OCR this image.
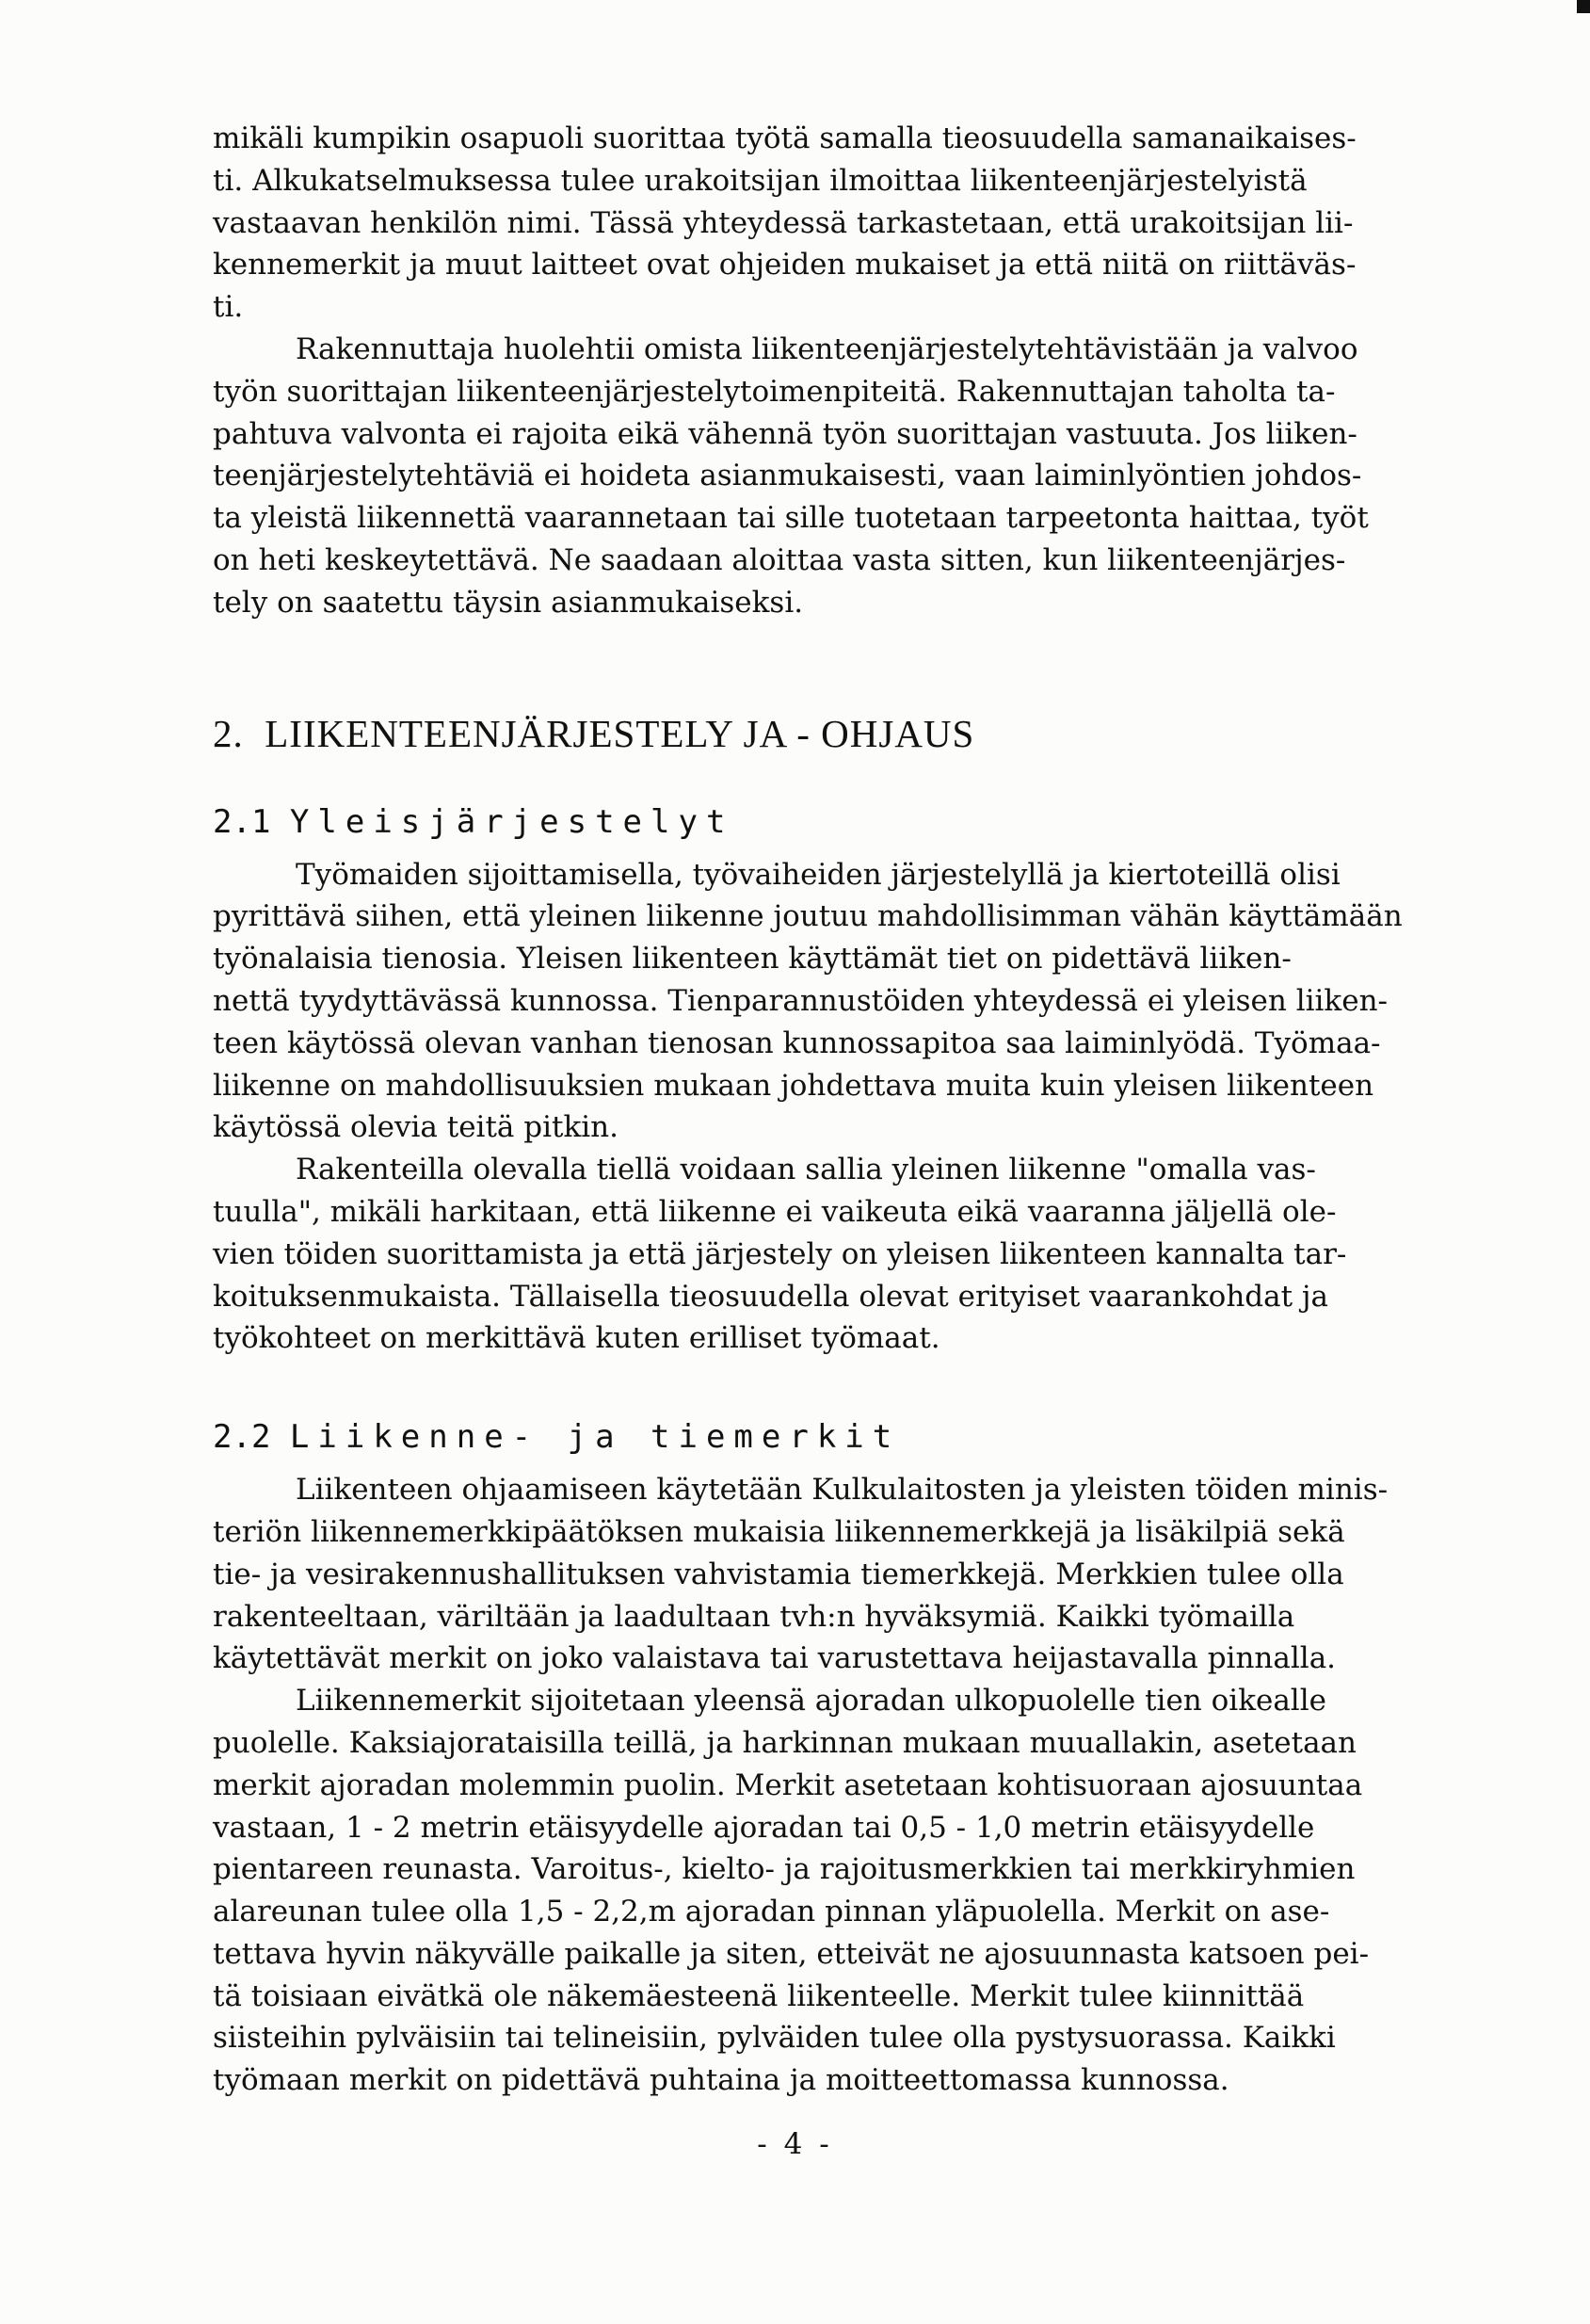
mikäli kumpikin osapuoli suorittaa työtä samalla tieosuudella samanaikaises-
ti. Alkukatselmuksessa tulee urakoitsijan ilmoittaa liikenteenjärjestelyistä
vastaavan henkilön nimi. Tässä yhteydessä tarkastetaan, että urakoitsijan lii-
kennemerkit ja muut laitteet ovat ohjeiden mukaiset ja että niitä on riittäväs-
ti.

Rakennuttaja huolehtii omista liikenteenjärjestelytehtävistään ja valvoo
työn suorittajan liikenteenjärjestelytoimenpiteitä. Rakennuttajan taholta ta-
pahtuva valvonta ei rajoita eikä vähennä työn suorittajan vastuuta. Jos liiken-
teenjärjestelytehtäviä ei hoideta asianmukaisesti, vaan laiminlyöntien johdos-
ta yleistä liikennettä vaarannetaan tai sille tuotetaan tarpeetonta haittaa, työt
on heti keskeytettävä. Ne saadaan aloittaa vasta sitten, kun liikenteenjärjes-
tely on saatettu täysin asianmukaiseksi.

2. LIIKENTEENJÄRJESTELY JA - OHJAUS
2.1 Yleisjärjestelyt

Työmaiden sijoittamisella, työvaiheiden järjestelyllä ja kiertoteillä olisi
pyrittävä siihen, että yleinen liikenne joutuu mahdollisimman vähän käyttämään
työnalaisia tienosia. Yleisen liikenteen käyttämät tiet on pidettävä liiken-
nettä tyydyttävässä kunnossa. Tienparannustöiden yhteydessä ei yleisen liiken-
teen käytössä olevan vanhan tienosan kunnossapitoa saa laiminlyödä. Työmaa-
liikenne on mahdollisuuksien mukaan johdettava muita kuin yleisen liikenteen
käytössä olevia teitä pitkin.

Rakenteilla olevalla tiellä voidaan sallia yleinen liikenne "omalla vas-
tuulla", mikäli harkitaan, että liikenne ei vaikeuta eikä vaaranna jäljellä ole-
vien töiden suorittamista ja että järjestely on yleisen liikenteen kannalta tar-
koituksenmukaista. Tällaisella tieosuudella olevat erityiset vaarankohdat ja
työkohteet on merkittävä kuten erilliset työmaat.

2.2 Liikenne- ja tiemerkit

Liikenteen ohjaamiseen käytetään Kulkulaitosten ja yleisten töiden minis-
teriön liikennemerkkipäätöksen mukaisia liikennemerkkejä ja lisäkilpiä sekä
tie- ja vesirakennushallituksen vahvistamia tiemerkkejä. Merkkien tulee olla
rakenteeltaan, väriltään ja laadultaan tvh:n hyväksymiä. Kaikki työmailla
käytettävät merkit on joko valaistava tai varustettava heijastavalla pinnalla.

Liikennemerkit sijoitetaan yleensä ajoradan ulkopuolelle tien oikealle
puolelle. Kaksiajorataisilla teillä, ja harkinnan mukaan muuallakin, asetetaan
merkit ajoradan molemmin puolin. Merkit asetetaan kohtisuoraan ajosuuntaa
vastaan, 1 - 2 metrin etäisyydelle ajoradan tai 0,5 - 1,0 metrin etäisyydelle
pientareen reunasta. Varoitus-, kielto- ja rajoitusmerkkien tai merkkiryhmien
alareunan tulee olla 1,5 - 2,2,m ajoradan pinnan yläpuolella. Merkit on ase-
tettava hyvin näkyvälle paikalle ja siten, etteivät ne ajosuunnasta katsoen pei-
tä toisiaan eivätkä ole näkemäesteenä liikenteelle. Merkit tulee kiinnittää
siisteihin pylväisiin tai telineisiin, pylväiden tulee olla pystysuorassa. Kaikki
työmaan merkit on pidettävä puhtaina ja moitteettomassa kunnossa.

- 4 -
